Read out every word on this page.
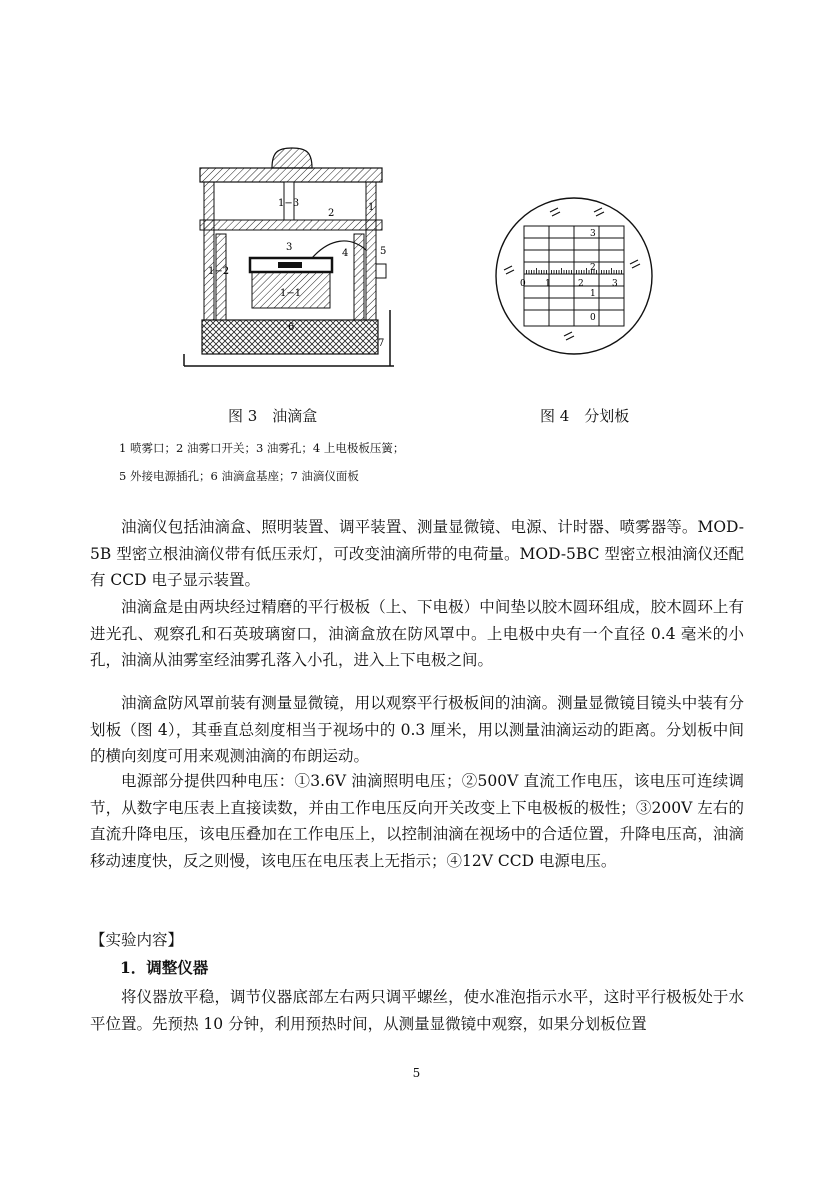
1−3
2
1
3
4	5
1−2
1−1
6
7
0 1	2	3
3
2
1
0
图 3　油滴盒	图 4　分划板
1 喷雾口；2 油雾口开关；3 油雾孔；4 上电极板压簧；
5 外接电源插孔；6 油滴盒基座；7 油滴仪面板
油滴仪包括油滴盒、照明装置、调平装置、测量显微镜、电源、计时器、喷雾器等。MOD-5B 型密立根油滴仪带有低压汞灯，可改变油滴所带的电荷量。MOD-5BC 型密立根油滴仪还配有 CCD 电子显示装置。
油滴盒是由两块经过精磨的平行极板（上、下电极）中间垫以胶木圆环组成，胶木圆环上有进光孔、观察孔和石英玻璃窗口，油滴盒放在防风罩中。上电极中央有一个直径 0.4 毫米的小孔，油滴从油雾室经油雾孔落入小孔，进入上下电极之间。
油滴盒防风罩前装有测量显微镜，用以观察平行极板间的油滴。测量显微镜目镜头中装有分划板（图 4），其垂直总刻度相当于视场中的 0.3 厘米，用以测量油滴运动的距离。分划板中间的横向刻度可用来观测油滴的布朗运动。
电源部分提供四种电压：①3.6V 油滴照明电压；②500V 直流工作电压，该电压可连续调节，从数字电压表上直接读数，并由工作电压反向开关改变上下电极板的极性；③200V 左右的直流升降电压，该电压叠加在工作电压上，以控制油滴在视场中的合适位置，升降电压高，油滴移动速度快，反之则慢，该电压在电压表上无指示；④12V CCD 电源电压。
【实验内容】
1．调整仪器
将仪器放平稳，调节仪器底部左右两只调平螺丝，使水准泡指示水平，这时平行极板处于水平位置。先预热 10 分钟，利用预热时间，从测量显微镜中观察，如果分划板位置
5
